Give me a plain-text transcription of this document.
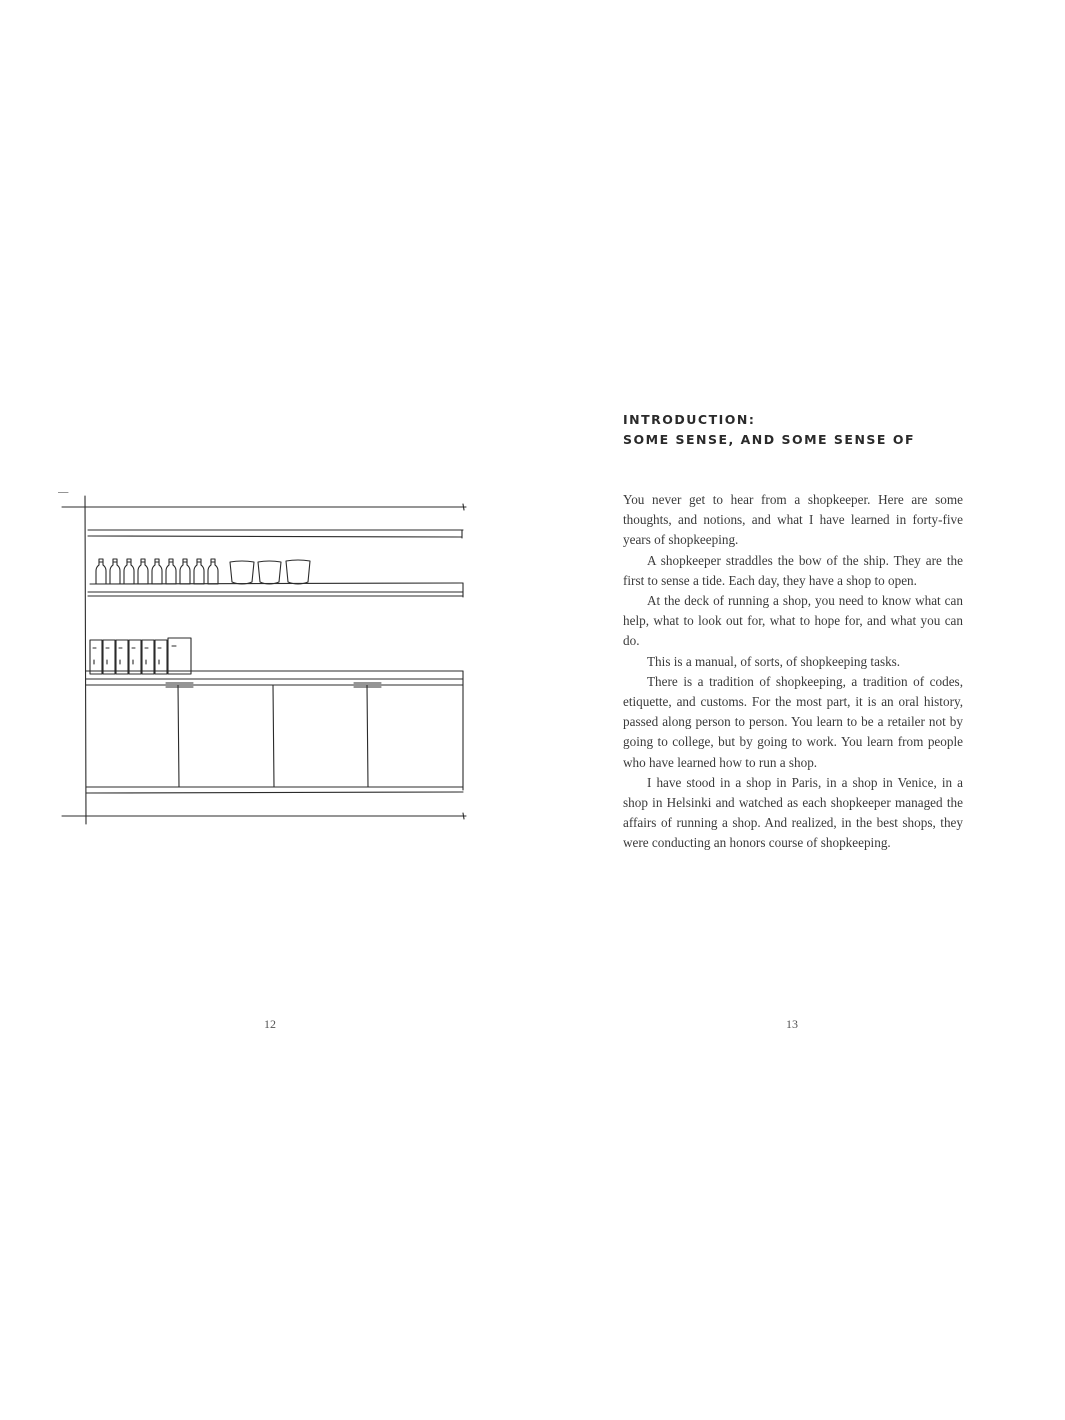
12

INTRODUCTION:
SOME SENSE, AND SOME SENSE OF

You never get to hear from a shopkeeper. Here are some thoughts, and notions, and what I have learned in forty-five years of shopkeeping.

A shopkeeper straddles the bow of the ship. They are the first to sense a tide. Each day, they have a shop to open.

At the deck of running a shop, you need to know what can help, what to look out for, what to hope for, and what you can do.

This is a manual, of sorts, of shopkeeping tasks.

There is a tradition of shopkeeping, a tradition of codes, etiquette, and customs. For the most part, it is an oral history, passed along person to person. You learn to be a retailer not by going to college, but by going to work. You learn from people who have learned how to run a shop.

I have stood in a shop in Paris, in a shop in Venice, in a shop in Helsinki and watched as each shopkeeper managed the affairs of running a shop. And realized, in the best shops, they were conducting an honors course of shopkeeping.

13
